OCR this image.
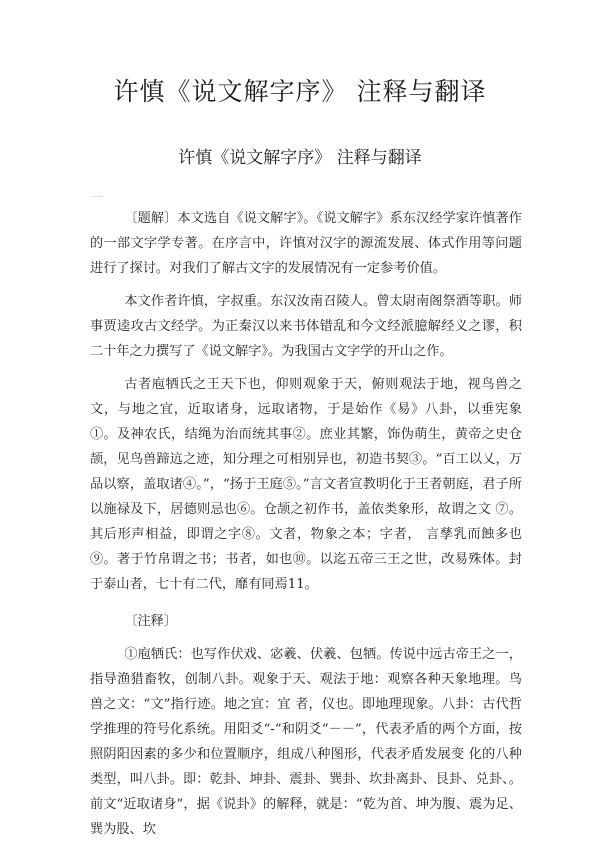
许慎《说文解字序》 注释与翻译
许慎《说文解字序》 注释与翻译
......

〔题解〕本文选自《说文解字》。《说文解字》系东汉经学家许慎著作的一部文字学专著。在序言中，许慎对汉字的源流发展、体式作用等问题进行了探讨。对我们了解古文字的发展情况有一定参考价值。

本文作者许慎，字叔重。东汉汝南召陵人。曾太尉南阁祭酒等职。师事贾逵攻古文经学。为正秦汉以来书体错乱和今文经派臆解经义之谬，积二十年之力撰写了《说文解字》。为我国古文字学的开山之作。

古者庖牺氏之王天下也，仰则观象于天，俯则观法于地，视鸟兽之文，与地之宜，近取诸身，远取诸物，于是始作《易》八卦，以垂宪象①。及神农氏，结绳为治而统其事②。庶业其繁，饰伪萌生，黄帝之史仓颉，见鸟兽蹄迒之迹，知分理之可相别异也，初造书契③。“百工以乂，万品以察，盖取诸④。”，“扬于王庭⑤。”言文者宣教明化于王者朝庭，君子所以施禄及下，居德则忌也⑥。仓颉之初作书，盖依类象形，故谓之文 ⑦。其后形声相益，即谓之字⑧。文者，物象之本；字者， 言孳乳而蝕多也⑨。著于竹帛谓之书；书者，如也⑩。以迄五帝三王之世，改易殊体。封于泰山者，七十有二代，靡有同焉11。

〔注释〕

①庖牺氏：也写作伏戏、宓羲、伏羲、包牺。传说中远古帝王之一，指导渔猎畜牧，创制八卦。观象于天、观法于地：观察各种天象地理。鸟兽之文：“文”指行迹。地之宜：宜 者，仪也。即地理现象。八卦：古代哲学推理的符号化系统。用阳爻“-”和阴爻“－－”，代表矛盾的两个方面，按照阴阳因素的多少和位置顺序，组成八种图形，代表矛盾发展变 化的八种类型，叫八卦。即：乾卦、坤卦、震卦、巽卦、坎卦离卦、艮卦、兑卦、。前文“近取诸身”，据《说卦》的解释，就是：“乾为首、坤为腹、震为足、巽为股、坎
